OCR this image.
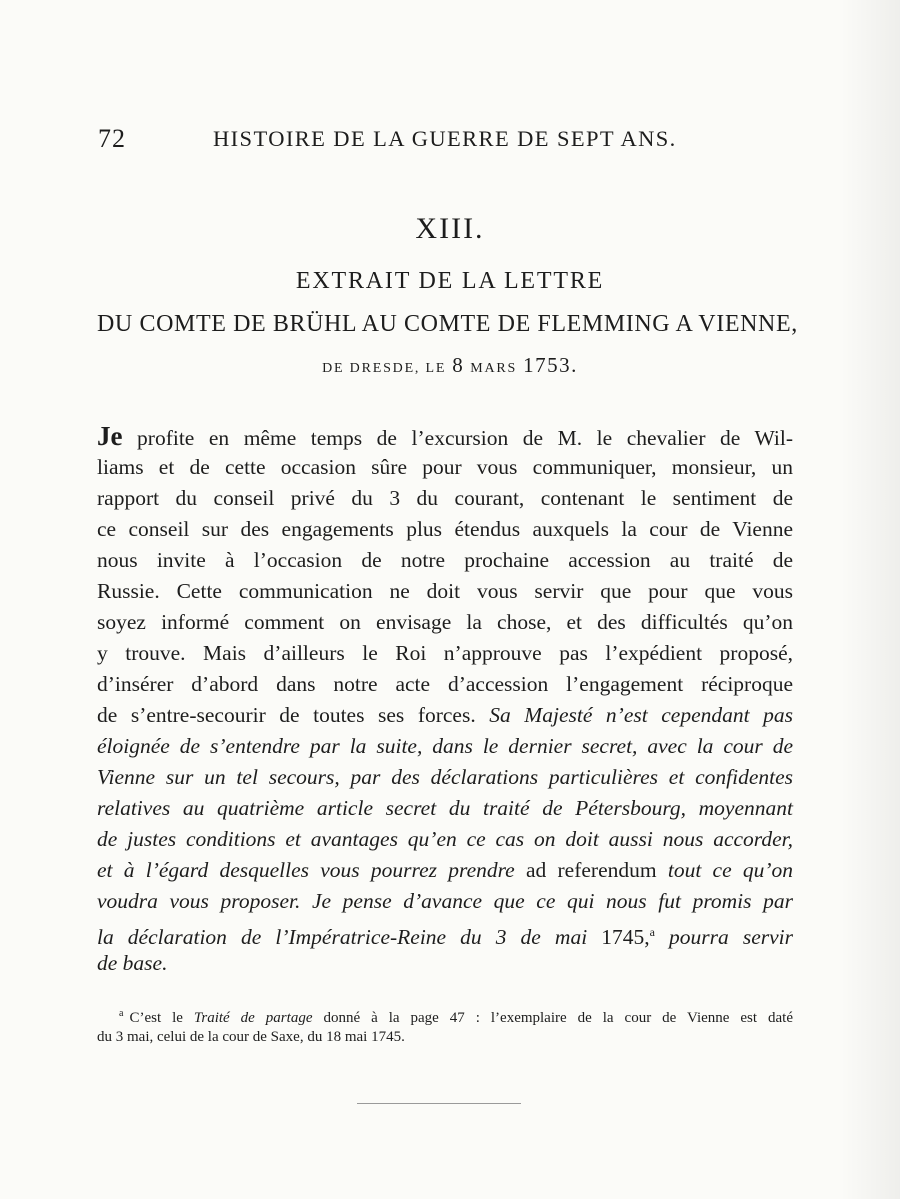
72	HISTOIRE DE LA GUERRE DE SEPT ANS.
XIII.
EXTRAIT DE LA LETTRE
DU COMTE DE BRÜHL AU COMTE DE FLEMMING A VIENNE,
DE DRESDE, LE 8 MARS 1753.
Je profite en même temps de l’excursion de M. le chevalier de Wil-
liams et de cette occasion sûre pour vous communiquer, monsieur, un
rapport du conseil privé du 3 du courant, contenant le sentiment de
ce conseil sur des engagements plus étendus auxquels la cour de Vienne
nous invite à l’occasion de notre prochaine accession au traité de
Russie. Cette communication ne doit vous servir que pour que vous
soyez informé comment on envisage la chose, et des difficultés qu’on
y trouve. Mais d’ailleurs le Roi n’approuve pas l’expédient proposé,
d’insérer d’abord dans notre acte d’accession l’engagement réciproque
de s’entre-secourir de toutes ses forces. Sa Majesté n’est cependant pas
éloignée de s’entendre par la suite, dans le dernier secret, avec la cour de
Vienne sur un tel secours, par des déclarations particulières et confidentes
relatives au quatrième article secret du traité de Pétersbourg, moyennant
de justes conditions et avantages qu’en ce cas on doit aussi nous accorder,
et à l’égard desquelles vous pourrez prendre ad referendum tout ce qu’on
voudra vous proposer. Je pense d’avance que ce qui nous fut promis par
la déclaration de l’Impératrice-Reine du 3 de mai 1745,$^a$ pourra servir
de base.
$^a$ C’est le Traité de partage donné à la page 47 : l’exemplaire de la cour de Vienne est daté
du 3 mai, celui de la cour de Saxe, du 18 mai 1745.
